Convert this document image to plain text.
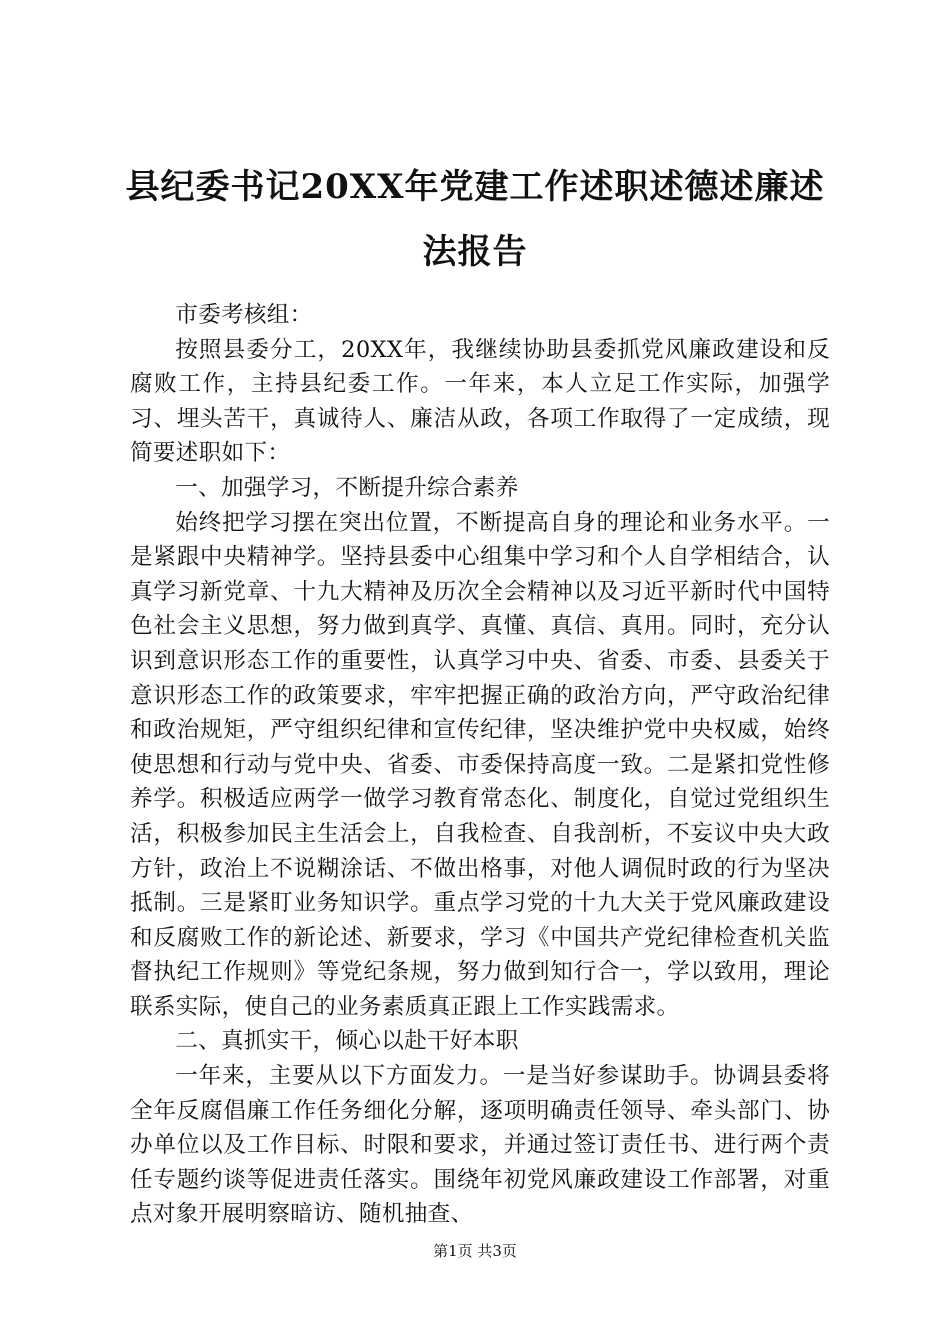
县纪委书记20XX年党建工作述职述德述廉述法报告

市委考核组：

按照县委分工，20XX年，我继续协助县委抓党风廉政建设和反腐败工作，主持县纪委工作。一年来，本人立足工作实际，加强学习、埋头苦干，真诚待人、廉洁从政，各项工作取得了一定成绩，现简要述职如下：

一、加强学习，不断提升综合素养

始终把学习摆在突出位置，不断提高自身的理论和业务水平。一是紧跟中央精神学。坚持县委中心组集中学习和个人自学相结合，认真学习新党章、十九大精神及历次全会精神以及习近平新时代中国特色社会主义思想，努力做到真学、真懂、真信、真用。同时，充分认识到意识形态工作的重要性，认真学习中央、省委、市委、县委关于意识形态工作的政策要求，牢牢把握正确的政治方向，严守政治纪律和政治规矩，严守组织纪律和宣传纪律，坚决维护党中央权威，始终使思想和行动与党中央、省委、市委保持高度一致。二是紧扣党性修养学。积极适应两学一做学习教育常态化、制度化，自觉过党组织生活，积极参加民主生活会上，自我检查、自我剖析，不妄议中央大政方针，政治上不说糊涂话、不做出格事，对他人调侃时政的行为坚决抵制。三是紧盯业务知识学。重点学习党的十九大关于党风廉政建设和反腐败工作的新论述、新要求，学习《中国共产党纪律检查机关监督执纪工作规则》等党纪条规，努力做到知行合一，学以致用，理论联系实际，使自己的业务素质真正跟上工作实践需求。

二、真抓实干，倾心以赴干好本职

一年来，主要从以下方面发力。一是当好参谋助手。协调县委将全年反腐倡廉工作任务细化分解，逐项明确责任领导、牵头部门、协办单位以及工作目标、时限和要求，并通过签订责任书、进行两个责任专题约谈等促进责任落实。围绕年初党风廉政建设工作部署，对重点对象开展明察暗访、随机抽查、

第1页 共3页
